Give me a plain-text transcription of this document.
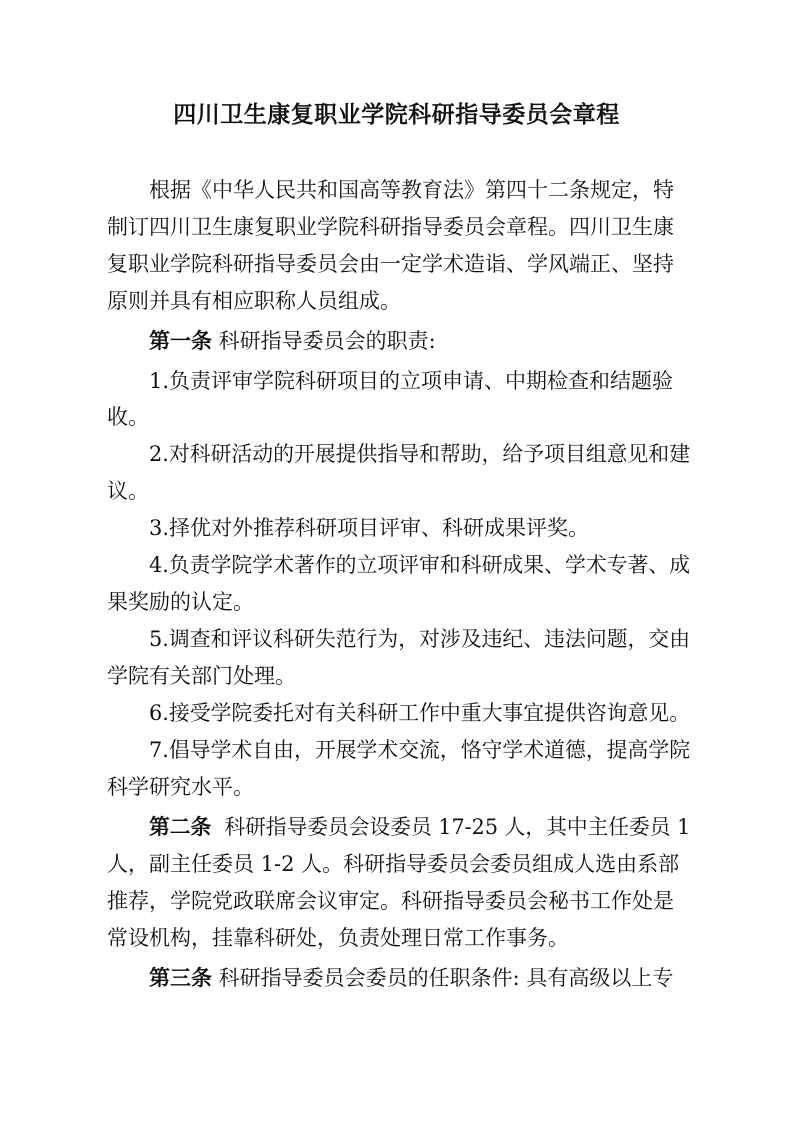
四川卫生康复职业学院科研指导委员会章程
根据《中华人民共和国高等教育法》第四十二条规定，特
制订四川卫生康复职业学院科研指导委员会章程。四川卫生康
复职业学院科研指导委员会由一定学术造诣、学风端正、坚持
原则并具有相应职称人员组成。
第一条 科研指导委员会的职责:
1.负责评审学院科研项目的立项申请、中期检查和结题验
收。
2.对科研活动的开展提供指导和帮助，给予项目组意见和建
议。
3.择优对外推荐科研项目评审、科研成果评奖。
4.负责学院学术著作的立项评审和科研成果、学术专著、成
果奖励的认定。
5.调查和评议科研失范行为，对涉及违纪、违法问题，交由
学院有关部门处理。
6.接受学院委托对有关科研工作中重大事宜提供咨询意见。
7.倡导学术自由，开展学术交流，恪守学术道德，提高学院
科学研究水平。
第二条  科研指导委员会设委员 17-25 人，其中主任委员 1
人，副主任委员 1-2 人。科研指导委员会委员组成人选由系部
推荐，学院党政联席会议审定。科研指导委员会秘书工作处是
常设机构，挂靠科研处，负责处理日常工作事务。
第三条 科研指导委员会委员的任职条件: 具有高级以上专
